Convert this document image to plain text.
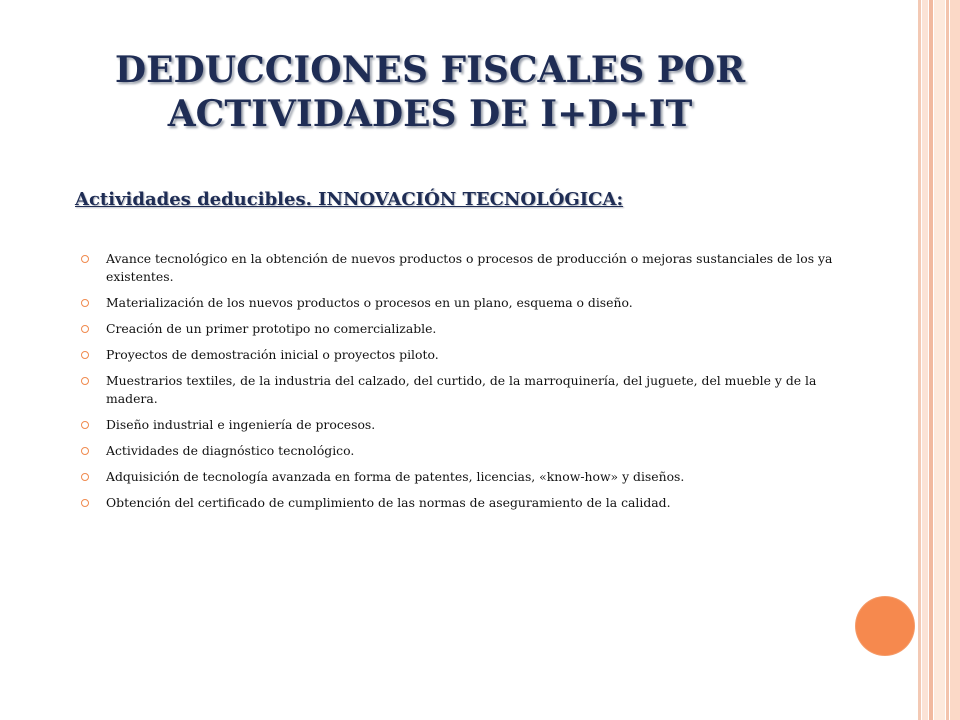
DEDUCCIONES FISCALES POR
ACTIVIDADES DE I+D+IT
Actividades deducibles. INNOVACIÓN TECNOLÓGICA:
Avance tecnológico en la obtención de nuevos productos o procesos de producción o mejoras sustanciales de los ya existentes.
Materialización de los nuevos productos o procesos en un plano, esquema o diseño.
Creación de un primer prototipo no comercializable.
Proyectos de demostración inicial o proyectos piloto.
Muestrarios textiles, de la industria del calzado, del curtido, de la marroquinería, del juguete, del mueble y de la madera.
Diseño industrial e ingeniería de procesos.
Actividades de diagnóstico tecnológico.
Adquisición de tecnología avanzada en forma de patentes, licencias, «know-how» y diseños.
Obtención del certificado de cumplimiento de las normas de aseguramiento de la calidad.
